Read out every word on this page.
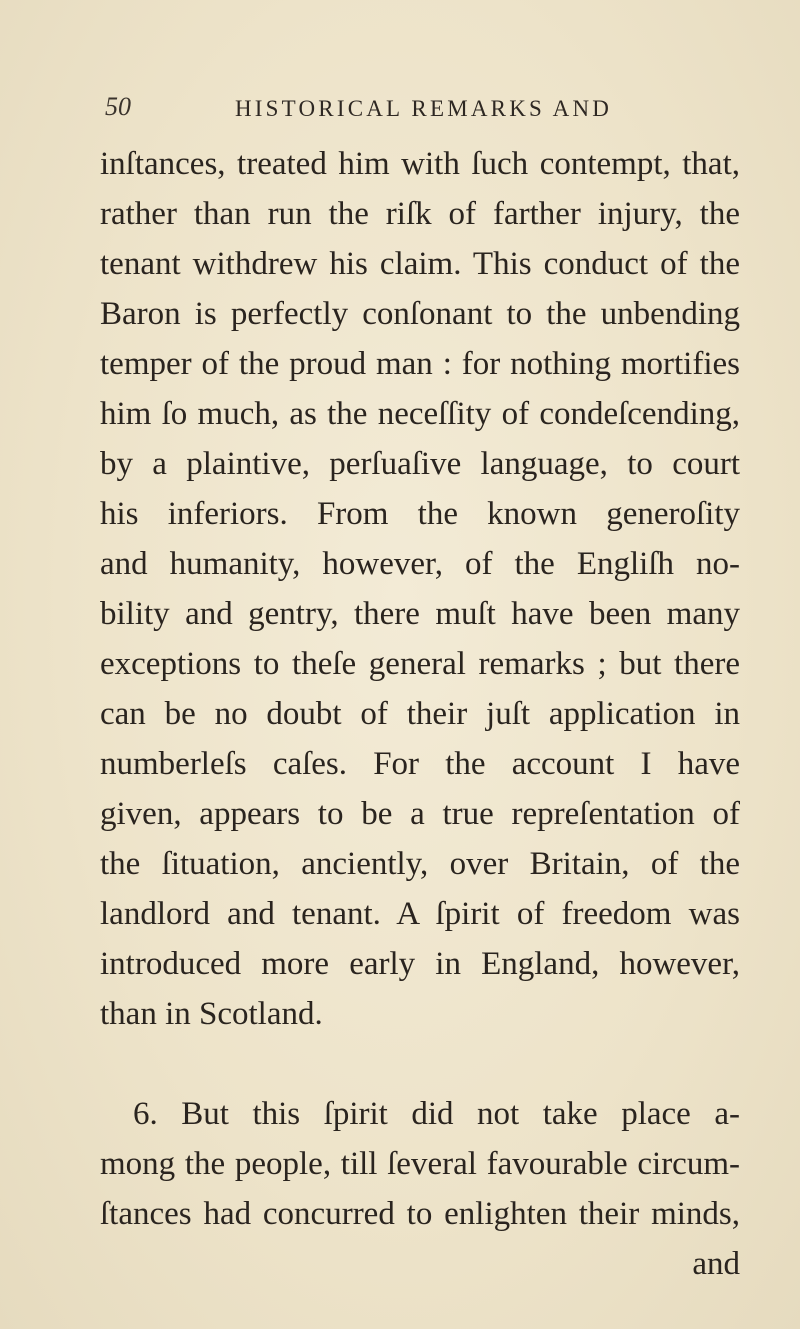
50	HISTORICAL REMARKS AND
inſtances, treated him with ſuch contempt, that,
rather than run the riſk of farther injury, the
tenant withdrew his claim. This conduct of the
Baron is perfectly conſonant to the unbending
temper of the proud man : for nothing mortifies
him ſo much, as the neceſſity of condeſcending,
by a plaintive, perſuaſive language, to court
his inferiors. From the known generoſity
and humanity, however, of the Engliſh no-
bility and gentry, there muſt have been many
exceptions to theſe general remarks ; but there
can be no doubt of their juſt application in
numberleſs caſes. For the account I have
given, appears to be a true repreſentation of
the ſituation, anciently, over Britain, of the
landlord and tenant. A ſpirit of freedom was
introduced more early in England, however,
than in Scotland.
6. But this ſpirit did not take place a-
mong the people, till ſeveral favourable circum-
ſtances had concurred to enlighten their minds,
and
